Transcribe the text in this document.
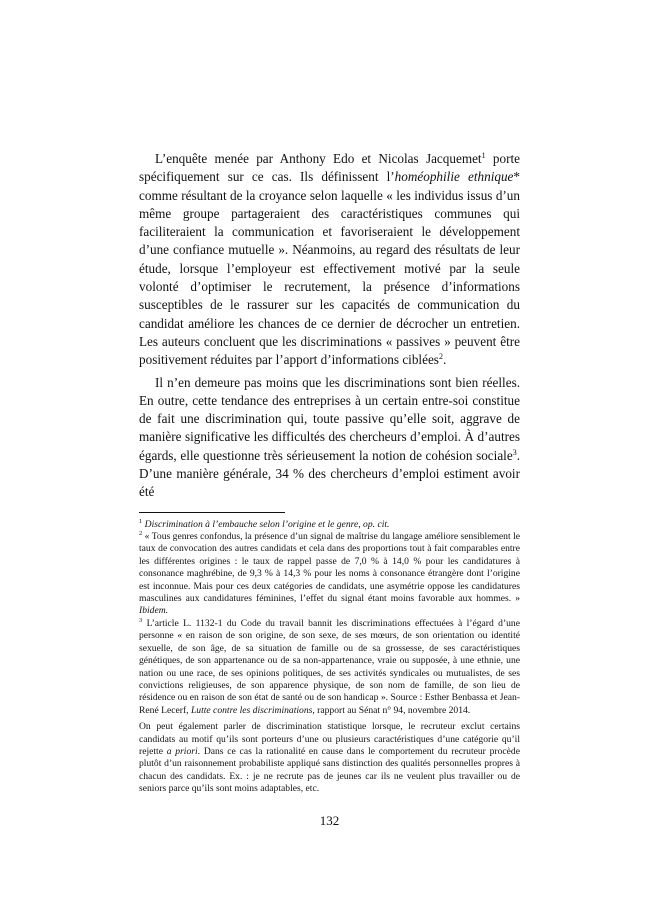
L’enquête menée par Anthony Edo et Nicolas Jacquemet$^1$ porte spécifiquement sur ce cas. Ils définissent l’homéophilie ethnique* comme résultant de la croyance selon laquelle « les individus issus d’un même groupe partageraient des caractéristiques communes qui faciliteraient la communication et favoriseraient le développement d’une confiance mutuelle ». Néanmoins, au regard des résultats de leur étude, lorsque l’employeur est effectivement motivé par la seule volonté d’optimiser le recrutement, la présence d’informations susceptibles de le rassurer sur les capacités de communication du candidat améliore les chances de ce dernier de décrocher un entretien. Les auteurs concluent que les discriminations « passives » peuvent être positivement réduites par l’apport d’informations ciblées$^2$.

Il n’en demeure pas moins que les discriminations sont bien réelles. En outre, cette tendance des entreprises à un certain entre-soi constitue de fait une discrimination qui, toute passive qu’elle soit, aggrave de manière significative les difficultés des chercheurs d’emploi. À d’autres égards, elle questionne très sérieusement la notion de cohésion sociale$^3$. D’une manière générale, 34 % des chercheurs d’emploi estiment avoir été

$^1$ Discrimination à l’embauche selon l’origine et le genre, op. cit.

$^2$ « Tous genres confondus, la présence d’un signal de maîtrise du langage améliore sensiblement le taux de convocation des autres candidats et cela dans des proportions tout à fait comparables entre les différentes origines : le taux de rappel passe de 7,0 % à 14,0 % pour les candidatures à consonance maghrébine, de 9,3 % à 14,3 % pour les noms à consonance étrangère dont l’origine est inconnue. Mais pour ces deux catégories de candidats, une asymétrie oppose les candidatures masculines aux candidatures féminines, l’effet du signal étant moins favorable aux hommes. » Ibidem.

$^3$ L’article L. 1132-1 du Code du travail bannit les discriminations effectuées à l’égard d’une personne « en raison de son origine, de son sexe, de ses mœurs, de son orientation ou identité sexuelle, de son âge, de sa situation de famille ou de sa grossesse, de ses caractéristiques génétiques, de son appartenance ou de sa non-appartenance, vraie ou supposée, à une ethnie, une nation ou une race, de ses opinions politiques, de ses activités syndicales ou mutualistes, de ses convictions religieuses, de son apparence physique, de son nom de famille, de son lieu de résidence ou en raison de son état de santé ou de son handicap ». Source : Esther Benbassa et Jean-René Lecerf, Lutte contre les discriminations, rapport au Sénat n° 94, novembre 2014.

On peut également parler de discrimination statistique lorsque, le recruteur exclut certains candidats au motif qu’ils sont porteurs d’une ou plusieurs caractéristiques d’une catégorie qu’il rejette a priori. Dans ce cas la rationalité en cause dans le comportement du recruteur procède plutôt d’un raisonnement probabiliste appliqué sans distinction des qualités personnelles propres à chacun des candidats. Ex. : je ne recrute pas de jeunes car ils ne veulent plus travailler ou de seniors parce qu’ils sont moins adaptables, etc.

132
